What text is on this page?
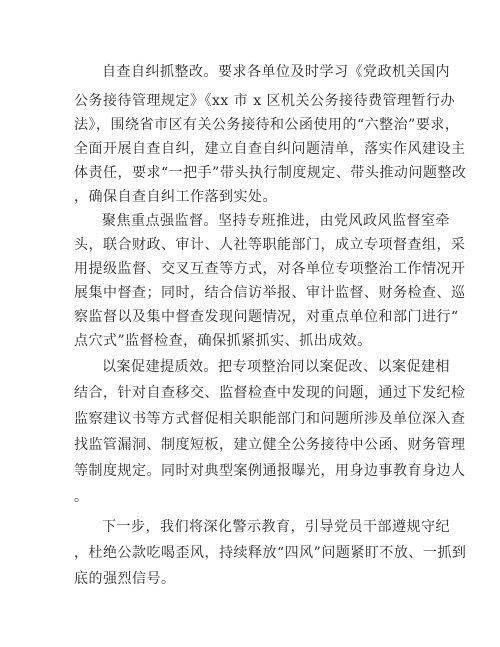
自查自纠抓整改。要求各单位及时学习《党政机关国内
公务接待管理规定》《xx 市 x 区机关公务接待费管理暂行办
法》，围绕省市区有关公务接待和公函使用的“六整治”要求，
全面开展自查自纠，建立自查自纠问题清单，落实作风建设主
体责任，要求“一把手”带头执行制度规定、带头推动问题整改
，确保自查自纠工作落到实处。
聚焦重点强监督。坚持专班推进，由党风政风监督室牵
头，联合财政、审计、人社等职能部门，成立专项督查组，采
用提级监督、交叉互查等方式，对各单位专项整治工作情况开
展集中督查；同时，结合信访举报、审计监督、财务检查、巡
察监督以及集中督查发现问题情况，对重点单位和部门进行“
点穴式”监督检查，确保抓紧抓实、抓出成效。
以案促建提质效。把专项整治同以案促改、以案促建相
结合，针对自查移交、监督检查中发现的问题，通过下发纪检
监察建议书等方式督促相关职能部门和问题所涉及单位深入查
找监管漏洞、制度短板，建立健全公务接待中公函、财务管理
等制度规定。同时对典型案例通报曝光，用身边事教育身边人
。
下一步，我们将深化警示教育，引导党员干部遵规守纪
，杜绝公款吃喝歪风，持续释放“四风”问题紧盯不放、一抓到
底的强烈信号。
